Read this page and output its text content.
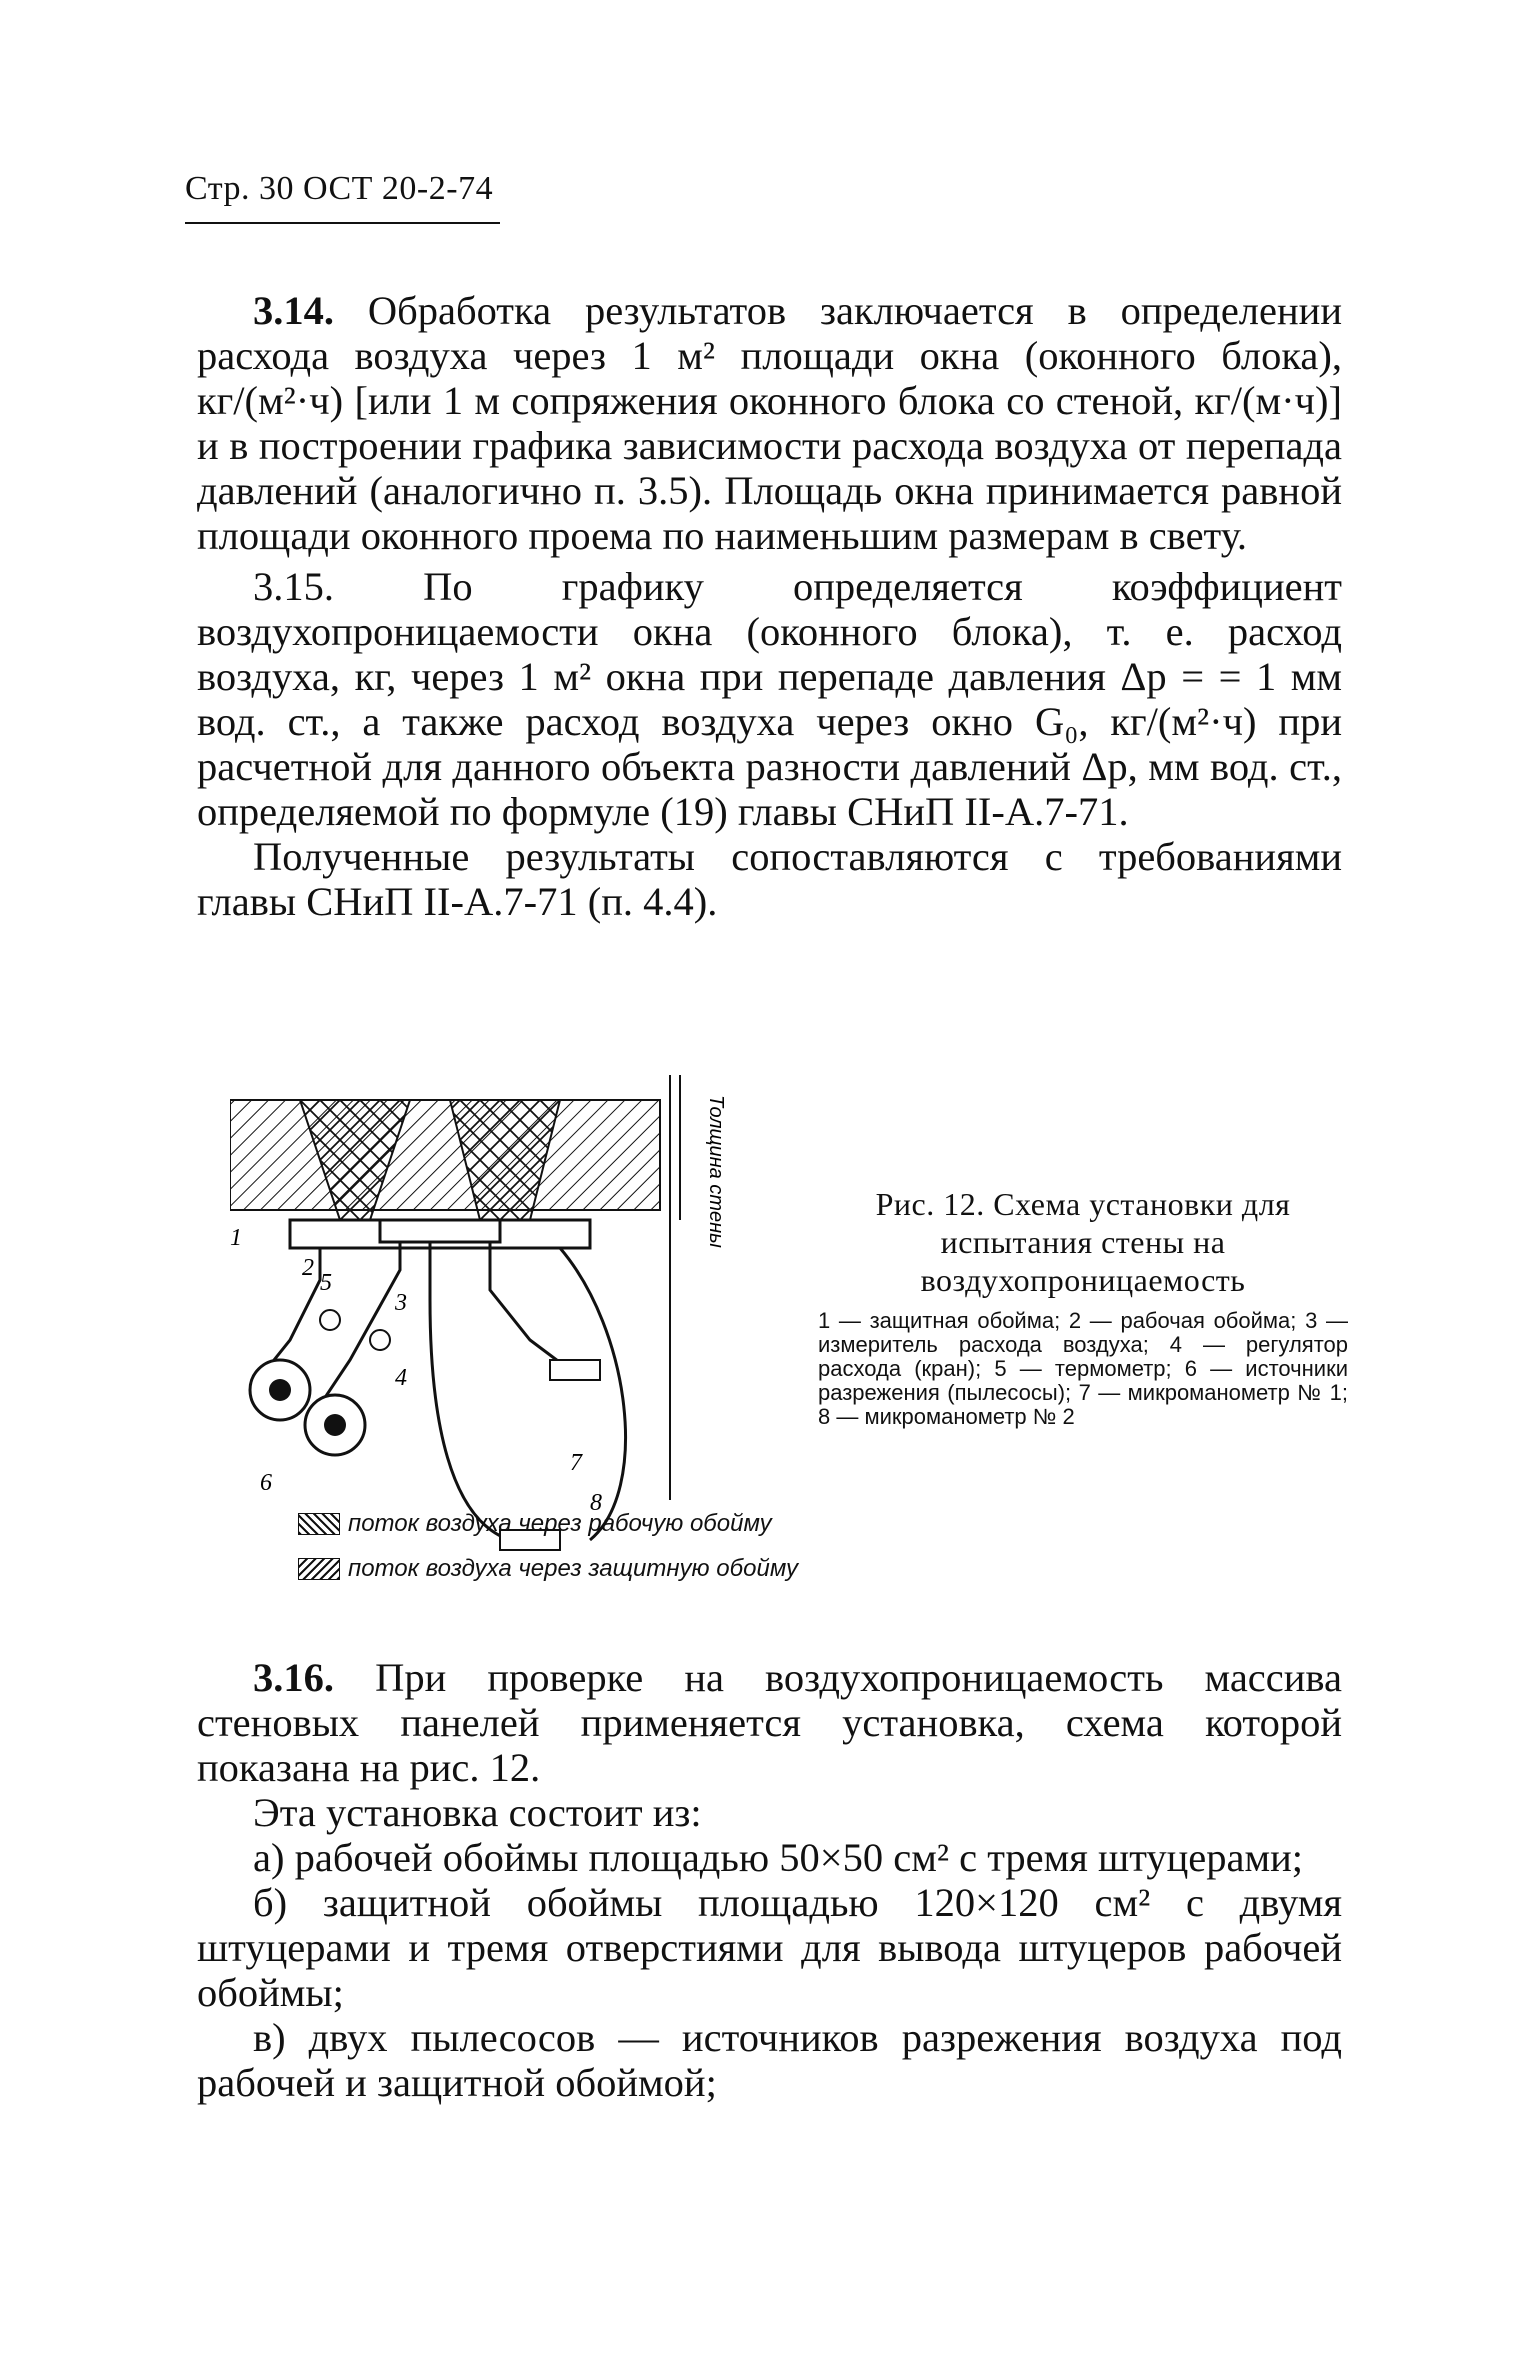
Стр. 30 ОСТ 20-2-74

3.14. Обработка результатов заключается в определении расхода воздуха через 1 м² площади окна (оконного блока), кг/(м²·ч) [или 1 м сопряжения оконного блока со стеной, кг/(м·ч)] и в построении графика зависимости расхода воздуха от перепада давлений (аналогично п. 3.5). Площадь окна принимается равной площади оконного проема по наименьшим размерам в свету.

3.15. По графику определяется коэффициент воздухопроницаемости окна (оконного блока), т. е. расход воздуха, кг, через 1 м² окна при перепаде давления Δp = = 1 мм вод. ст., а также расход воздуха через окно G₀, кг/(м²·ч) при расчетной для данного объекта разности давлений Δp, мм вод. ст., определяемой по формуле (19) главы СНиП II-А.7-71.

Полученные результаты сопоставляются с требованиями главы СНиП II-А.7-71 (п. 4.4).

Толщина стены
1
2
3
4
5
6
7
8
поток воздуха через рабочую обойму
поток воздуха через защитную обойму
Рис. 12. Схема установки для испытания стены на воздухопроницаемость
1 — защитная обойма; 2 — рабочая обойма; 3 — измеритель расхода воздуха; 4 — регулятор расхода (кран); 5 — термометр; 6 — источники разрежения (пылесосы); 7 — микроманометр № 1; 8 — микроманометр № 2

3.16. При проверке на воздухопроницаемость массива стеновых панелей применяется установка, схема которой показана на рис. 12.

Эта установка состоит из:

а) рабочей обоймы площадью 50×50 см² с тремя штуцерами;

б) защитной обоймы площадью 120×120 см² с двумя штуцерами и тремя отверстиями для вывода штуцеров рабочей обоймы;

в) двух пылесосов — источников разрежения воздуха под рабочей и защитной обоймой;
